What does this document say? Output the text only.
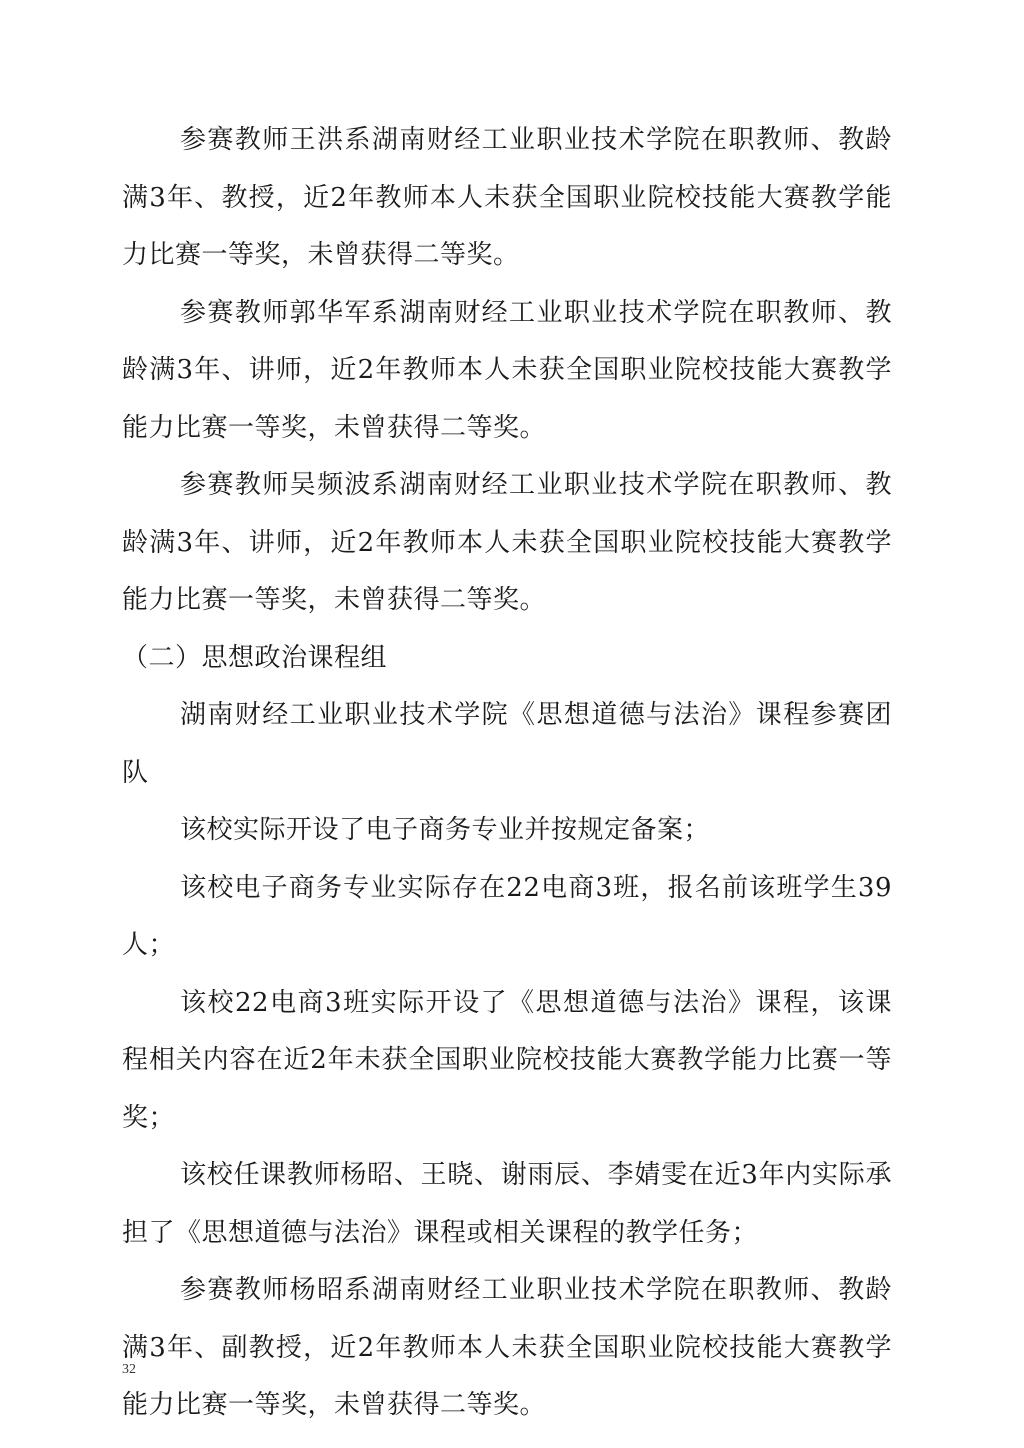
参赛教师王洪系湖南财经工业职业技术学院在职教师、教龄满3年、教授，近2年教师本人未获全国职业院校技能大赛教学能力比赛一等奖，未曾获得二等奖。

参赛教师郭华军系湖南财经工业职业技术学院在职教师、教龄满3年、讲师，近2年教师本人未获全国职业院校技能大赛教学能力比赛一等奖，未曾获得二等奖。

参赛教师吴频波系湖南财经工业职业技术学院在职教师、教龄满3年、讲师，近2年教师本人未获全国职业院校技能大赛教学能力比赛一等奖，未曾获得二等奖。

（二）思想政治课程组

湖南财经工业职业技术学院《思想道德与法治》课程参赛团队

该校实际开设了电子商务专业并按规定备案；

该校电子商务专业实际存在22电商3班，报名前该班学生39人；

该校22电商3班实际开设了《思想道德与法治》课程，该课程相关内容在近2年未获全国职业院校技能大赛教学能力比赛一等奖；

该校任课教师杨昭、王晓、谢雨辰、李婧雯在近3年内实际承担了《思想道德与法治》课程或相关课程的教学任务；

参赛教师杨昭系湖南财经工业职业技术学院在职教师、教龄满3年、副教授，近2年教师本人未获全国职业院校技能大赛教学能力比赛一等奖，未曾获得二等奖。

32
